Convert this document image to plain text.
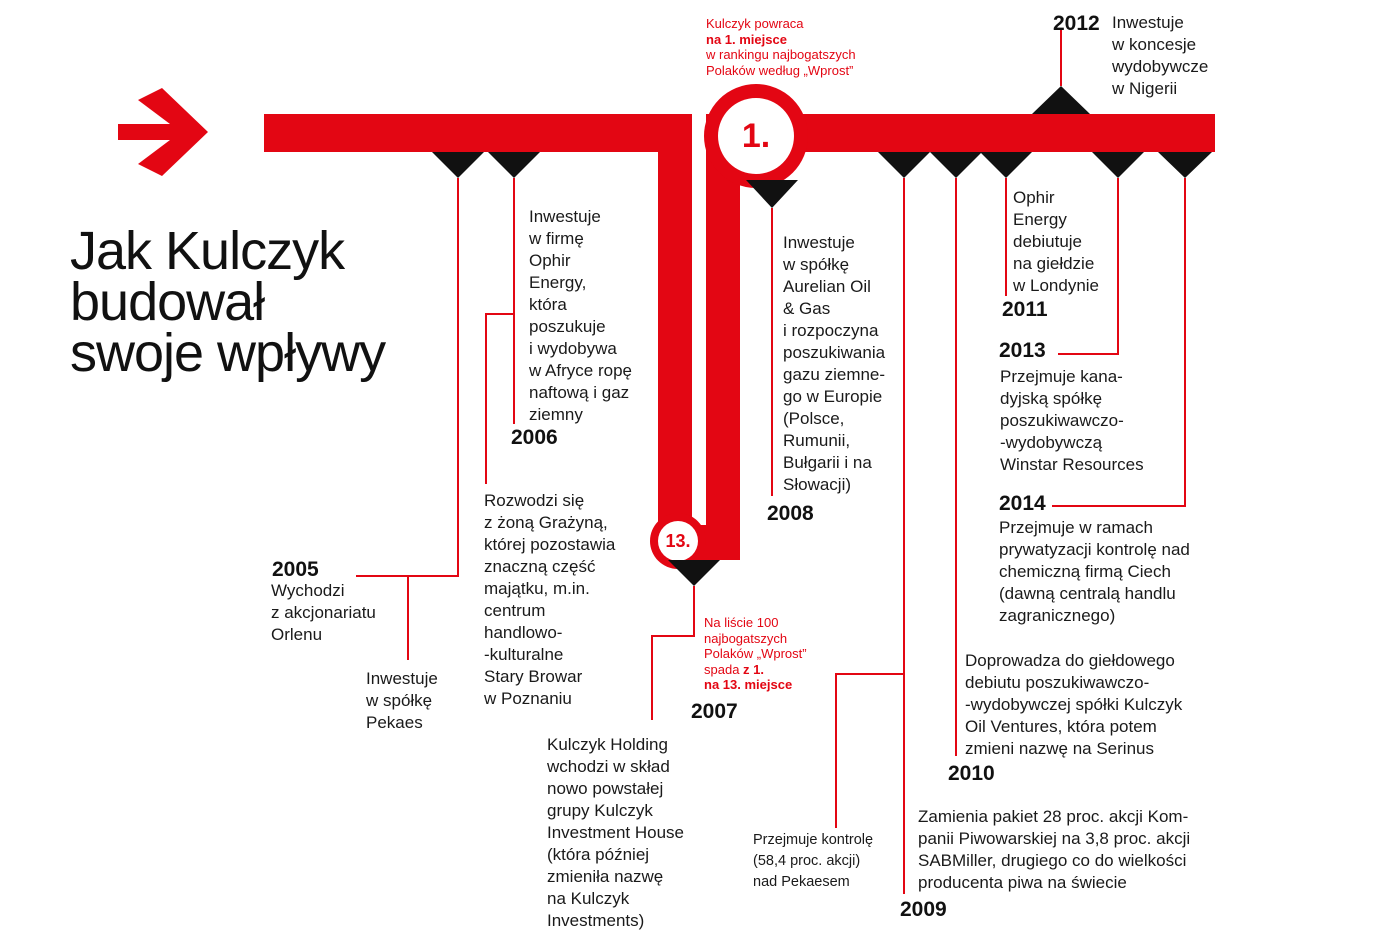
Jak Kulczyk
budował
swoje wpływy
1.
13.
Kulczyk powraca
na 1. miejsce
w rankingu najbogatszych
Polaków według „Wprost”
Na liście 100
najbogatszych
Polaków „Wprost”
spada z 1.
na 13. miejsce
2005
Wychodzi
z akcjonariatu
Orlenu
Inwestuje
w spółkę
Pekaes
Inwestuje
w firmę
Ophir
Energy,
która
poszukuje
i wydobywa
w Afryce ropę
naftową i gaz
ziemny
2006
Rozwodzi się
z żoną Grażyną,
której pozostawia
znaczną część
majątku, m.in.
centrum
handlowo-
-kulturalne
Stary Browar
w Poznaniu
2007
Kulczyk Holding
wchodzi w skład
nowo powstałej
grupy Kulczyk
Investment House
(która później
zmieniła nazwę
na Kulczyk
Investments)
Inwestuje
w spółkę
Aurelian Oil
& Gas
i rozpoczyna
poszukiwania
gazu ziemne-
go w Europie
(Polsce,
Rumunii,
Bułgarii i na
Słowacji)
2008
Przejmuje kontrolę
(58,4 proc. akcji)
nad Pekaesem
Zamienia pakiet 28 proc. akcji Kom-
panii Piwowarskiej na 3,8 proc. akcji
SABMiller, drugiego co do wielkości
producenta piwa na świecie
2009
Doprowadza do giełdowego
debiutu poszukiwawczo-
-wydobywczej spółki Kulczyk
Oil Ventures, która potem
zmieni nazwę na Serinus
2010
Ophir
Energy
debiutuje
na giełdzie
w Londynie
2011
2012 Inwestuje
w koncesje
wydobywcze
w Nigerii
2013
Przejmuje kana-
dyjską spółkę
poszukiwawczo-
-wydobywczą
Winstar Resources
2014
Przejmuje w ramach
prywatyzacji kontrolę nad
chemiczną firmą Ciech
(dawną centralą handlu
zagranicznego)
